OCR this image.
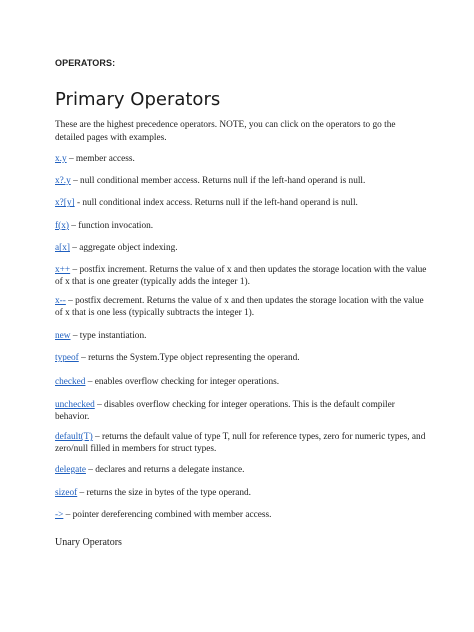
OPERATORS:
Primary Operators
These are the highest precedence operators. NOTE, you can click on the operators to go the detailed pages with examples.

x.y – member access.

x?.y – null conditional member access. Returns null if the left-hand operand is null.

x?[y] - null conditional index access. Returns null if the left-hand operand is null.

f(x) – function invocation.

a[x] – aggregate object indexing.

x++ – postfix increment. Returns the value of x and then updates the storage location with the value of x that is one greater (typically adds the integer 1).

x-- – postfix decrement. Returns the value of x and then updates the storage location with the value of x that is one less (typically subtracts the integer 1).

new – type instantiation.

typeof – returns the System.Type object representing the operand.

checked – enables overflow checking for integer operations.

unchecked – disables overflow checking for integer operations. This is the default compiler behavior.

default(T) – returns the default value of type T, null for reference types, zero for numeric types, and zero/null filled in members for struct types.

delegate – declares and returns a delegate instance.

sizeof – returns the size in bytes of the type operand.

-> – pointer dereferencing combined with member access.

Unary Operators
